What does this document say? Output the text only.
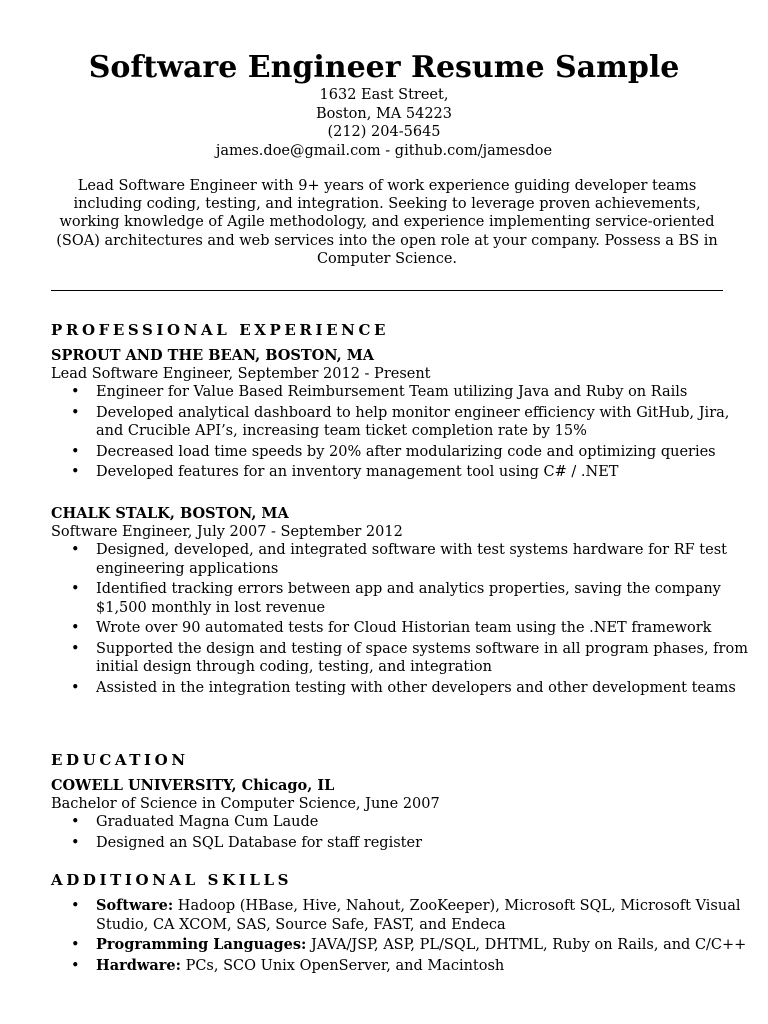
Software Engineer Resume Sample
1632 East Street,
Boston, MA 54223
(212) 204-5645
james.doe@gmail.com - github.com/jamesdoe
Lead Software Engineer with 9+ years of work experience guiding developer teams including coding, testing, and integration. Seeking to leverage proven achievements, working knowledge of Agile methodology, and experience implementing service-oriented (SOA) architectures and web services into the open role at your company. Possess a BS in Computer Science.
PROFESSIONAL EXPERIENCE
SPROUT AND THE BEAN, BOSTON, MA
Lead Software Engineer, September 2012 - Present
• Engineer for Value Based Reimbursement Team utilizing Java and Ruby on Rails
• Developed analytical dashboard to help monitor engineer efficiency with GitHub, Jira, and Crucible API’s, increasing team ticket completion rate by 15%
• Decreased load time speeds by 20% after modularizing code and optimizing queries
• Developed features for an inventory management tool using C# / .NET
CHALK STALK, BOSTON, MA
Software Engineer, July 2007 - September 2012
• Designed, developed, and integrated software with test systems hardware for RF test engineering applications
• Identified tracking errors between app and analytics properties, saving the company $1,500 monthly in lost revenue
• Wrote over 90 automated tests for Cloud Historian team using the .NET framework
• Supported the design and testing of space systems software in all program phases, from initial design through coding, testing, and integration
• Assisted in the integration testing with other developers and other development teams
EDUCATION
COWELL UNIVERSITY, Chicago, IL
Bachelor of Science in Computer Science, June 2007
• Graduated Magna Cum Laude
• Designed an SQL Database for staff register
ADDITIONAL SKILLS
• Software: Hadoop (HBase, Hive, Nahout, ZooKeeper), Microsoft SQL, Microsoft Visual Studio, CA XCOM, SAS, Source Safe, FAST, and Endeca
• Programming Languages: JAVA/JSP, ASP, PL/SQL, DHTML, Ruby on Rails, and C/C++
• Hardware: PCs, SCO Unix OpenServer, and Macintosh
